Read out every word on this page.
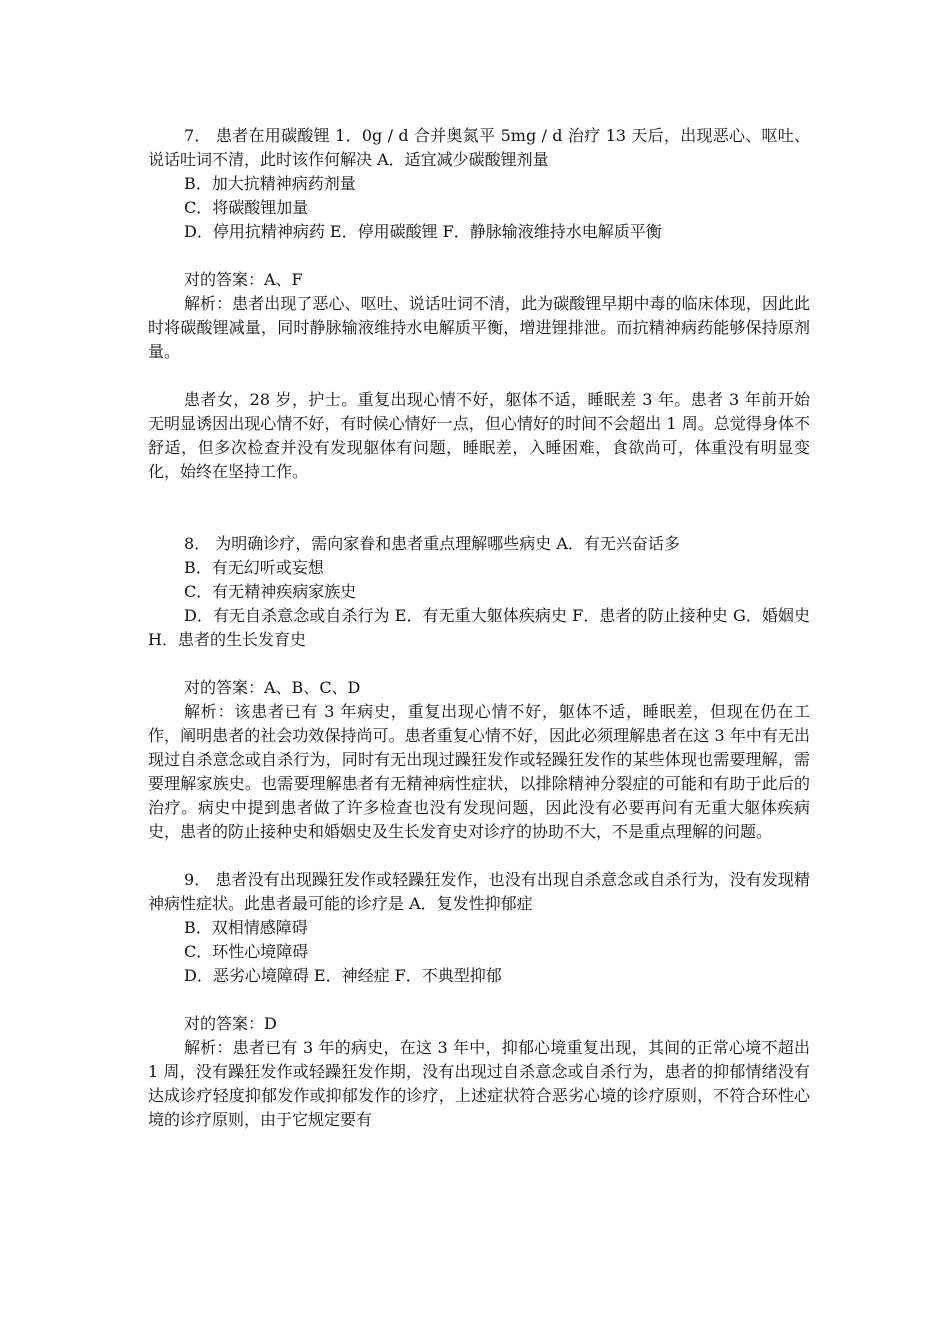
7． 患者在用碳酸锂 1．0g / d 合并奥氮平 5mg / d 治疗 13 天后，出现恶心、呕吐、说话吐词不清，此时该作何解决 A．适宜减少碳酸锂剂量

B．加大抗精神病药剂量

C．将碳酸锂加量

D．停用抗精神病药 E．停用碳酸锂 F．静脉输液维持水电解质平衡

对的答案：A、F

解析：患者出现了恶心、呕吐、说话吐词不清，此为碳酸锂早期中毒的临床体现，因此此时将碳酸锂减量，同时静脉输液维持水电解质平衡，增进锂排泄。而抗精神病药能够保持原剂量。

患者女，28 岁，护士。重复出现心情不好，躯体不适，睡眠差 3 年。患者 3 年前开始无明显诱因出现心情不好，有时候心情好一点，但心情好的时间不会超出 1 周。总觉得身体不舒适，但多次检查并没有发现躯体有问题，睡眠差，入睡困难，食欲尚可，体重没有明显变化，始终在坚持工作。

8． 为明确诊疗，需向家眷和患者重点理解哪些病史 A．有无兴奋话多

B．有无幻听或妄想

C．有无精神疾病家族史

D．有无自杀意念或自杀行为 E．有无重大躯体疾病史 F．患者的防止接种史 G．婚姻史 H．患者的生长发育史

对的答案：A、B、C、D

解析：该患者已有 3 年病史，重复出现心情不好，躯体不适，睡眠差，但现在仍在工作，阐明患者的社会功效保持尚可。患者重复心情不好，因此必须理解患者在这 3 年中有无出现过自杀意念或自杀行为，同时有无出现过躁狂发作或轻躁狂发作的某些体现也需要理解，需要理解家族史。也需要理解患者有无精神病性症状，以排除精神分裂症的可能和有助于此后的治疗。病史中提到患者做了许多检查也没有发现问题，因此没有必要再问有无重大躯体疾病史，患者的防止接种史和婚姻史及生长发育史对诊疗的协助不大，不是重点理解的问题。

9． 患者没有出现躁狂发作或轻躁狂发作，也没有出现自杀意念或自杀行为，没有发现精神病性症状。此患者最可能的诊疗是 A．复发性抑郁症

B．双相情感障碍

C．环性心境障碍

D．恶劣心境障碍 E．神经症 F．不典型抑郁

对的答案：D

解析：患者已有 3 年的病史，在这 3 年中，抑郁心境重复出现，其间的正常心境不超出 1 周，没有躁狂发作或轻躁狂发作期，没有出现过自杀意念或自杀行为，患者的抑郁情绪没有达成诊疗轻度抑郁发作或抑郁发作的诊疗，上述症状符合恶劣心境的诊疗原则，不符合环性心境的诊疗原则，由于它规定要有
